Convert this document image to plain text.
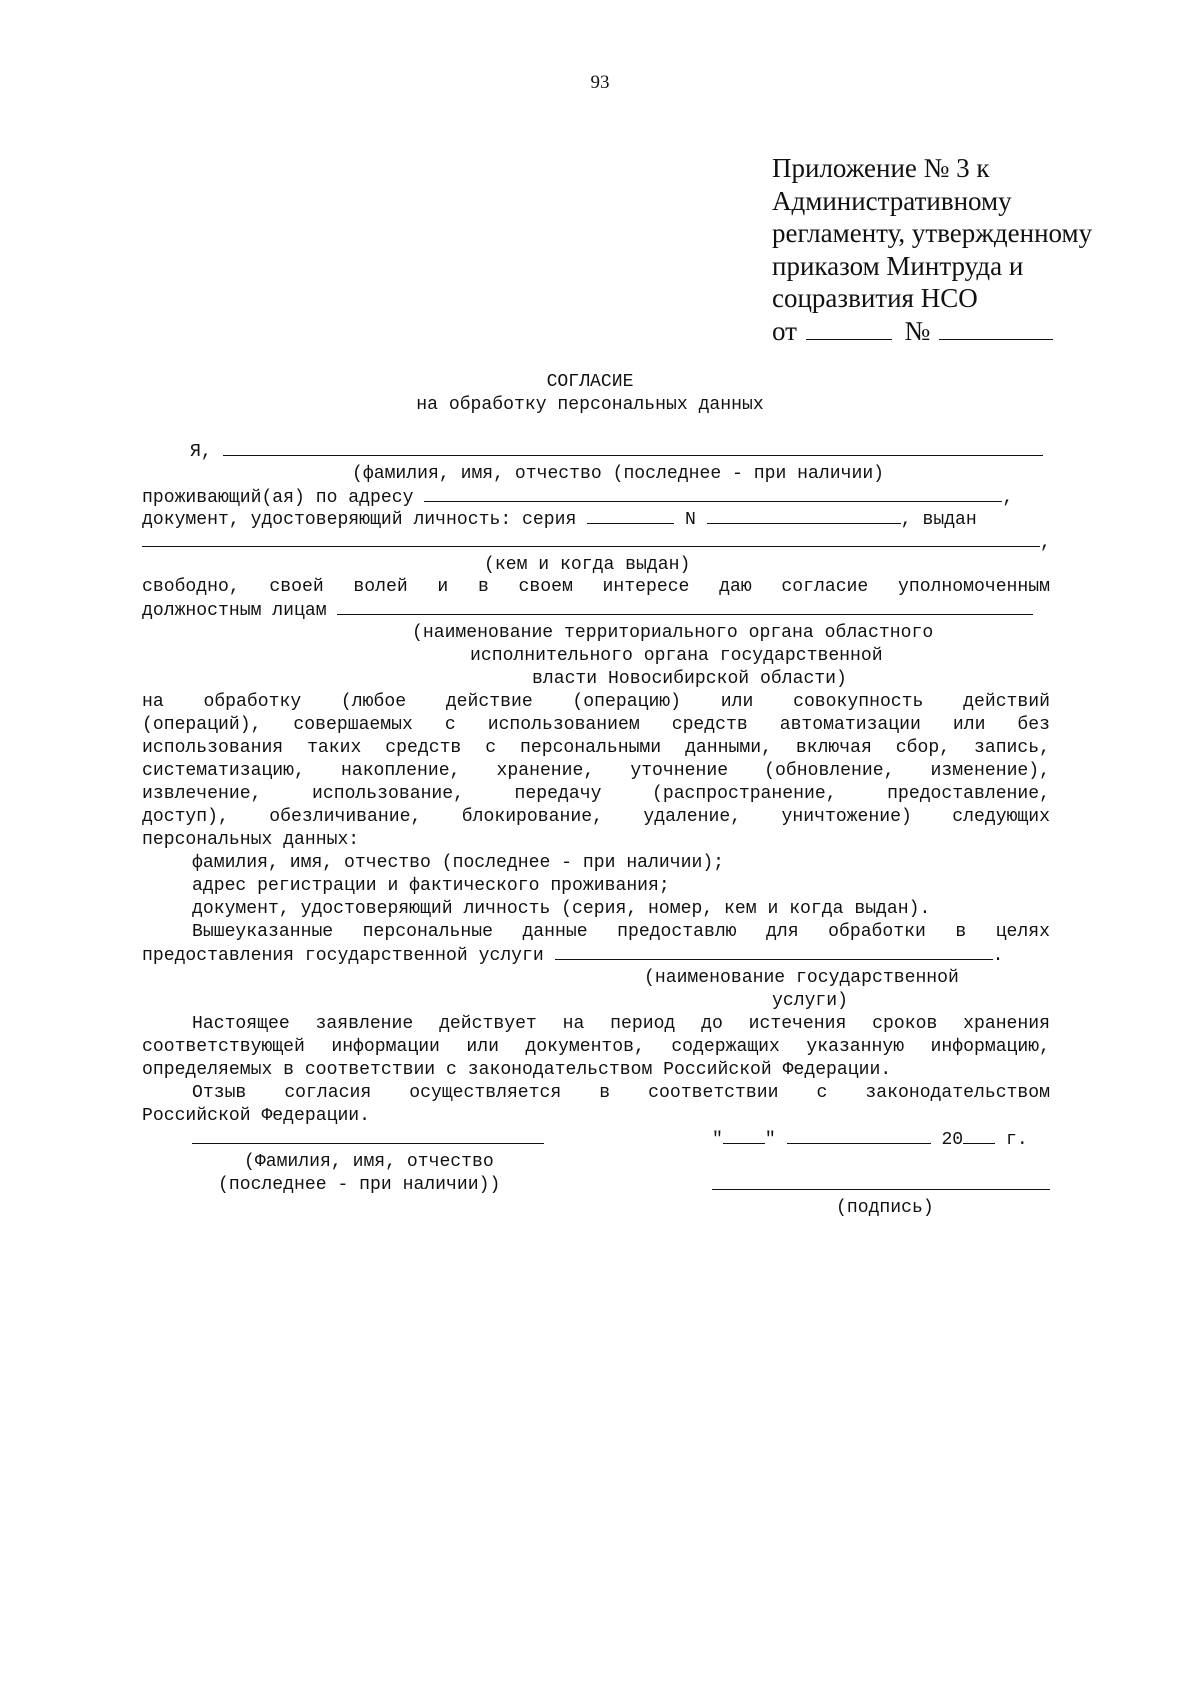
93
Приложение № 3 к
Административному
регламенту, утвержденному
приказом Минтруда и
соцразвития НСО
от	№
СОГЛАСИЕ
на обработку персональных данных
Я,
(фамилия, имя, отчество (последнее - при наличии)
проживающий(ая) по адресу	,
документ, удостоверяющий личность: серия	N	, выдан
,
(кем и когда выдан)
свободно, своей волей и в своем интересе даю согласие уполномоченным
должностным лицам
(наименование территориального органа областного
исполнительного органа государственной
власти Новосибирской области)
на обработку (любое действие (операцию) или совокупность действий
(операций), совершаемых с использованием средств автоматизации или без
использования таких средств с персональными данными, включая сбор, запись,
систематизацию, накопление, хранение, уточнение (обновление, изменение),
извлечение, использование, передачу (распространение, предоставление,
доступ), обезличивание, блокирование, удаление, уничтожение) следующих
персональных данных:
фамилия, имя, отчество (последнее - при наличии);
адрес регистрации и фактического проживания;
документ, удостоверяющий личность (серия, номер, кем и когда выдан).
Вышеуказанные персональные данные предоставлю для обработки в целях
предоставления государственной услуги	.
(наименование государственной
услуги)
Настоящее заявление действует на период до истечения сроков хранения
соответствующей информации или документов, содержащих указанную информацию,
определяемых в соответствии с законодательством Российской Федерации.
Отзыв согласия осуществляется в соответствии с законодательством
Российской Федерации.
" "	20 г.
(Фамилия, имя, отчество
(последнее - при наличии))
(подпись)
